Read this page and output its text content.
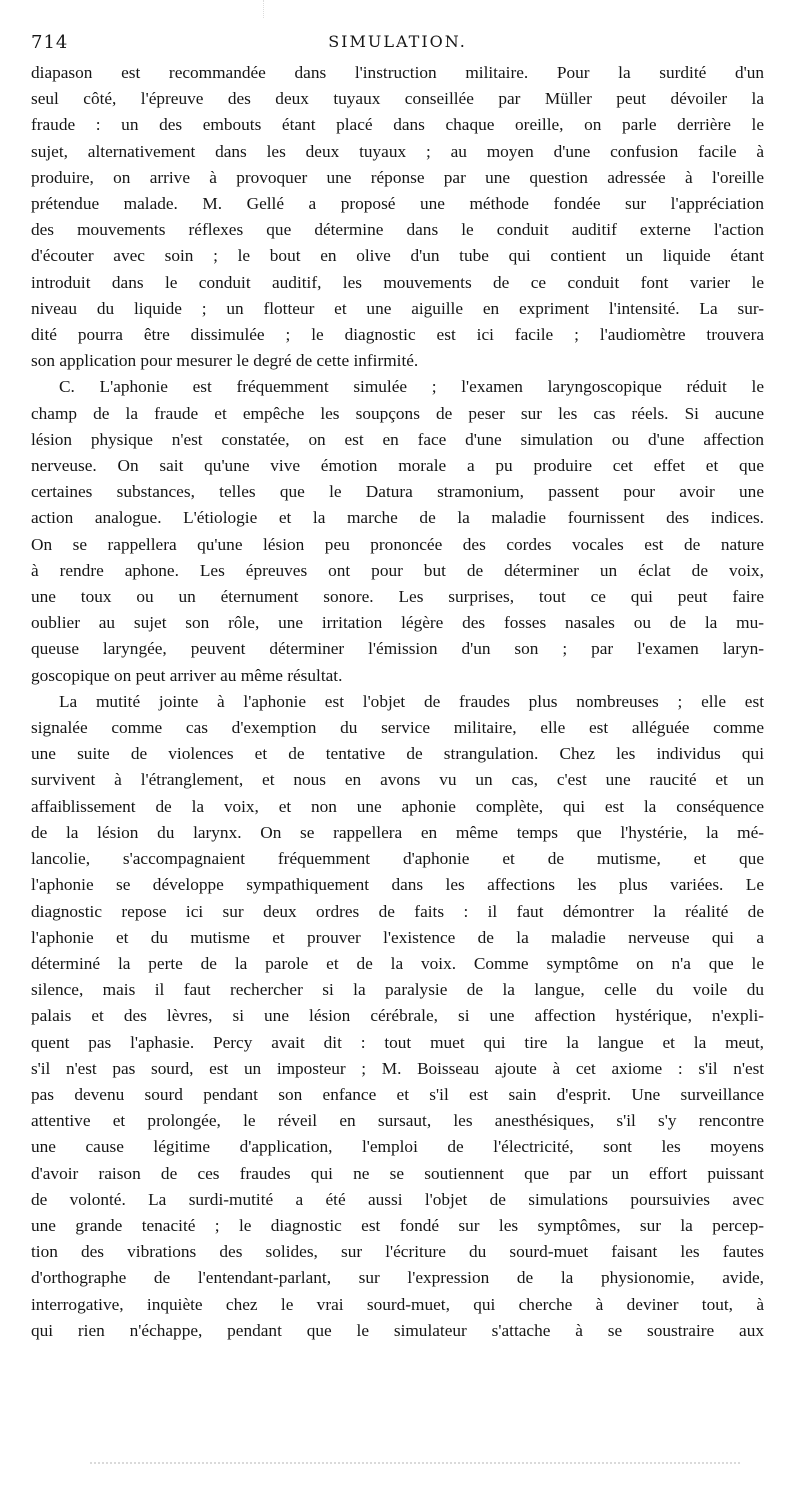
714	SIMULATION.
diapason est recommandée dans l'instruction militaire. Pour la surdité d'un
seul côté, l'épreuve des deux tuyaux conseillée par Müller peut dévoiler la
fraude : un des embouts étant placé dans chaque oreille, on parle derrière le
sujet, alternativement dans les deux tuyaux ; au moyen d'une confusion facile à
produire, on arrive à provoquer une réponse par une question adressée à l'oreille
prétendue malade. M. Gellé a proposé une méthode fondée sur l'appréciation
des mouvements réflexes que détermine dans le conduit auditif externe l'action
d'écouter avec soin ; le bout en olive d'un tube qui contient un liquide étant
introduit dans le conduit auditif, les mouvements de ce conduit font varier le
niveau du liquide ; un flotteur et une aiguille en expriment l'intensité. La sur-
dité pourra être dissimulée ; le diagnostic est ici facile ; l'audiomètre trouvera
son application pour mesurer le degré de cette infirmité.
C. L'aphonie est fréquemment simulée ; l'examen laryngoscopique réduit le
champ de la fraude et empêche les soupçons de peser sur les cas réels. Si aucune
lésion physique n'est constatée, on est en face d'une simulation ou d'une affection
nerveuse. On sait qu'une vive émotion morale a pu produire cet effet et que
certaines substances, telles que le Datura stramonium, passent pour avoir une
action analogue. L'étiologie et la marche de la maladie fournissent des indices.
On se rappellera qu'une lésion peu prononcée des cordes vocales est de nature
à rendre aphone. Les épreuves ont pour but de déterminer un éclat de voix,
une toux ou un éternument sonore. Les surprises, tout ce qui peut faire
oublier au sujet son rôle, une irritation légère des fosses nasales ou de la mu-
queuse laryngée, peuvent déterminer l'émission d'un son ; par l'examen laryn-
goscopique on peut arriver au même résultat.
La mutité jointe à l'aphonie est l'objet de fraudes plus nombreuses ; elle est
signalée comme cas d'exemption du service militaire, elle est alléguée comme
une suite de violences et de tentative de strangulation. Chez les individus qui
survivent à l'étranglement, et nous en avons vu un cas, c'est une raucité et un
affaiblissement de la voix, et non une aphonie complète, qui est la conséquence
de la lésion du larynx. On se rappellera en même temps que l'hystérie, la mé-
lancolie, s'accompagnaient fréquemment d'aphonie et de mutisme, et que
l'aphonie se développe sympathiquement dans les affections les plus variées. Le
diagnostic repose ici sur deux ordres de faits : il faut démontrer la réalité de
l'aphonie et du mutisme et prouver l'existence de la maladie nerveuse qui a
déterminé la perte de la parole et de la voix. Comme symptôme on n'a que le
silence, mais il faut rechercher si la paralysie de la langue, celle du voile du
palais et des lèvres, si une lésion cérébrale, si une affection hystérique, n'expli-
quent pas l'aphasie. Percy avait dit : tout muet qui tire la langue et la meut,
s'il n'est pas sourd, est un imposteur ; M. Boisseau ajoute à cet axiome : s'il n'est
pas devenu sourd pendant son enfance et s'il est sain d'esprit. Une surveillance
attentive et prolongée, le réveil en sursaut, les anesthésiques, s'il s'y rencontre
une cause légitime d'application, l'emploi de l'électricité, sont les moyens
d'avoir raison de ces fraudes qui ne se soutiennent que par un effort puissant
de volonté. La surdi-mutité a été aussi l'objet de simulations poursuivies avec
une grande tenacité ; le diagnostic est fondé sur les symptômes, sur la percep-
tion des vibrations des solides, sur l'écriture du sourd-muet faisant les fautes
d'orthographe de l'entendant-parlant, sur l'expression de la physionomie, avide,
interrogative, inquiète chez le vrai sourd-muet, qui cherche à deviner tout, à
qui rien n'échappe, pendant que le simulateur s'attache à se soustraire aux
